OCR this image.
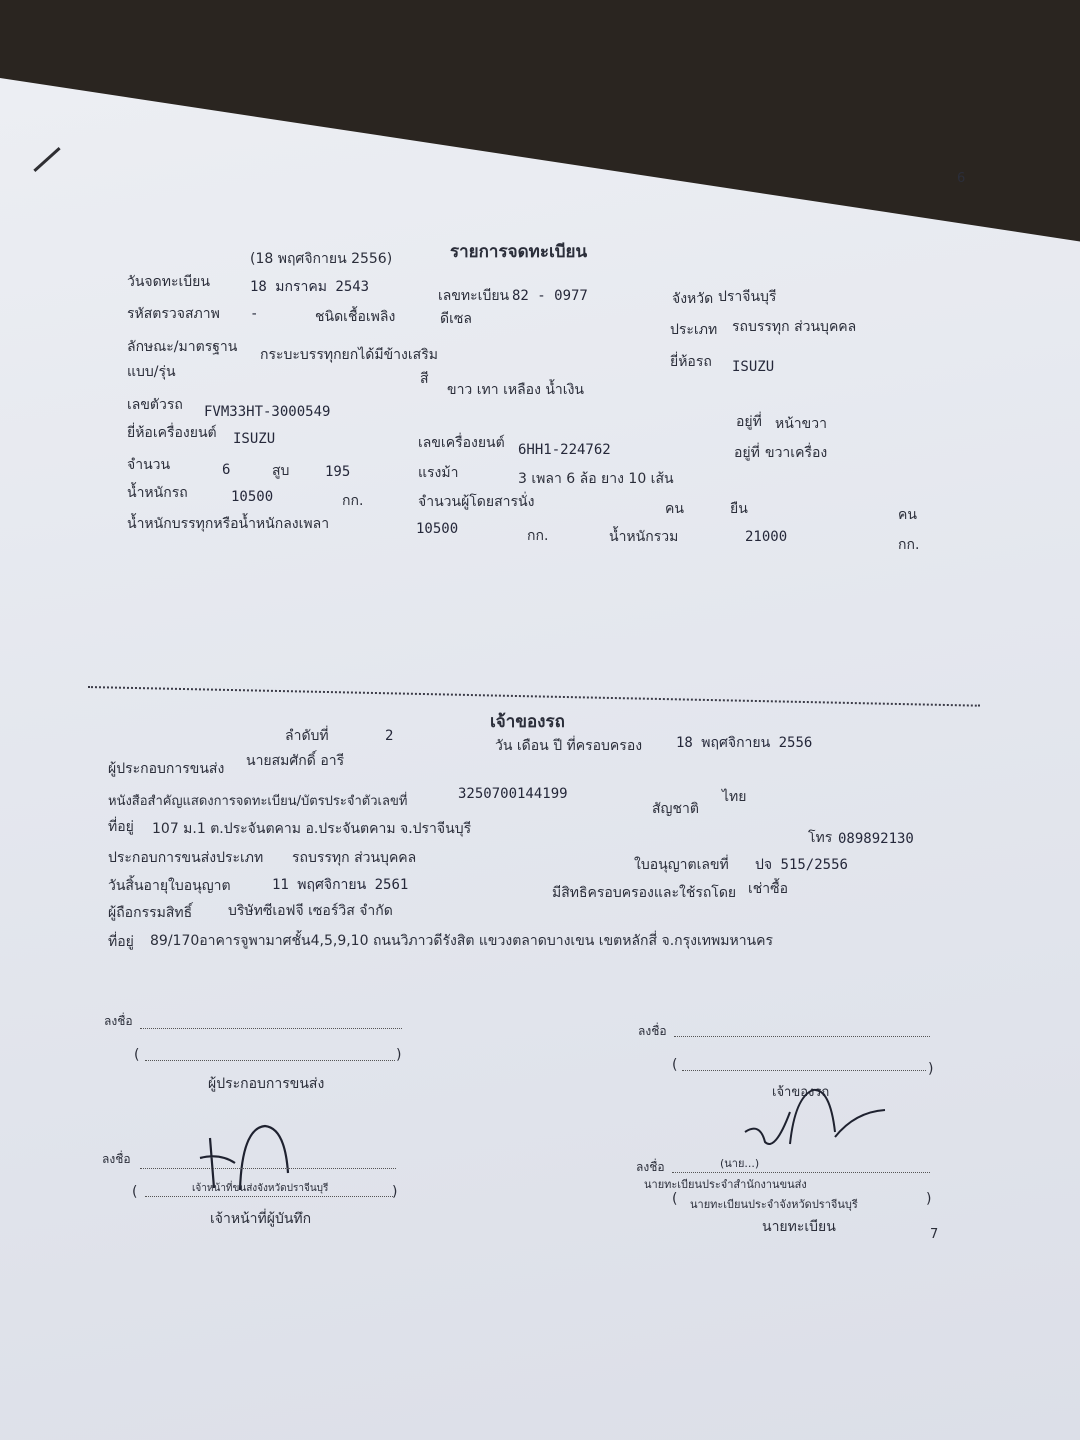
6
(18 พฤศจิกายน 2556)	รายการจดทะเบียน
วันจดทะเบียน	18 มกราคม 2543
เลขทะเบียน 82 - 0977	จังหวัด ปราจีนบุรี
รหัสตรวจสภาพ -	ชนิดเชื้อเพลิง	ดีเซล
ประเภท รถบรรทุก ส่วนบุคคล
ลักษณะ/มาตรฐาน กระบะบรรทุกยกได้มีข้างเสริม	ยี่ห้อรถ ISUZU
แบบ/รุ่น	สี
ขาว เทา เหลือง น้ำเงิน
เลขตัวรถ FVM33HT-3000549
อยู่ที่ หน้าขวา
ยี่ห้อเครื่องยนต์ ISUZU	เลขเครื่องยนต์ 6HH1-224762	อยู่ที่ ขวาเครื่อง
จำนวน	6	สูบ	195	แรงม้า	3 เพลา 6 ล้อ ยาง 10 เส้น
น้ำหนักรถ	10500	กก.	จำนวนผู้โดยสารนั่ง	คน	ยืน	คน
น้ำหนักบรรทุกหรือน้ำหนักลงเพลา	10500	กก.	น้ำหนักรวม	21000	กก.
ลำดับที่	2
เจ้าของรถ
วัน เดือน ปี ที่ครอบครอง 18 พฤศจิกายน 2556
ผู้ประกอบการขนส่ง นายสมศักดิ์ อารี
หนังสือสำคัญแสดงการจดทะเบียน/บัตรประจำตัวเลขที่	3250700144199
สัญชาติ
ไทย
ที่อยู่ 107 ม.1 ต.ประจันตคาม อ.ประจันตคาม จ.ปราจีนบุรี
โทร 089892130
ประกอบการขนส่งประเภท รถบรรทุก ส่วนบุคคล	ใบอนุญาตเลขที่ ปจ 515/2556
วันสิ้นอายุใบอนุญาต	11 พฤศจิกายน 2561	มีสิทธิครอบครองและใช้รถโดย เช่าซื้อ
ผู้ถือกรรมสิทธิ์	บริษัทซีเอฟจี เซอร์วิส จำกัด
ที่อยู่ 89/170อาคารจูพามาศชั้น4,5,9,10 ถนนวิภาวดีรังสิต แขวงตลาดบางเขน เขตหลักสี่ จ.กรุงเทพมหานคร
ลงชื่อ
(	)
ผู้ประกอบการขนส่ง
ลงชื่อ
(	)
เจ้าของรถ
ลงชื่อ
(	เจ้าหน้าที่ขนส่งจังหวัดปราจีนบุรี	)
เจ้าหน้าที่ผู้บันทึก
ลงชื่อ	(นาย...)
นายทะเบียนประจำสำนักงานขนส่ง
( นายทะเบียนประจำจังหวัดปราจีนบุรี	)
นายทะเบียน	7
